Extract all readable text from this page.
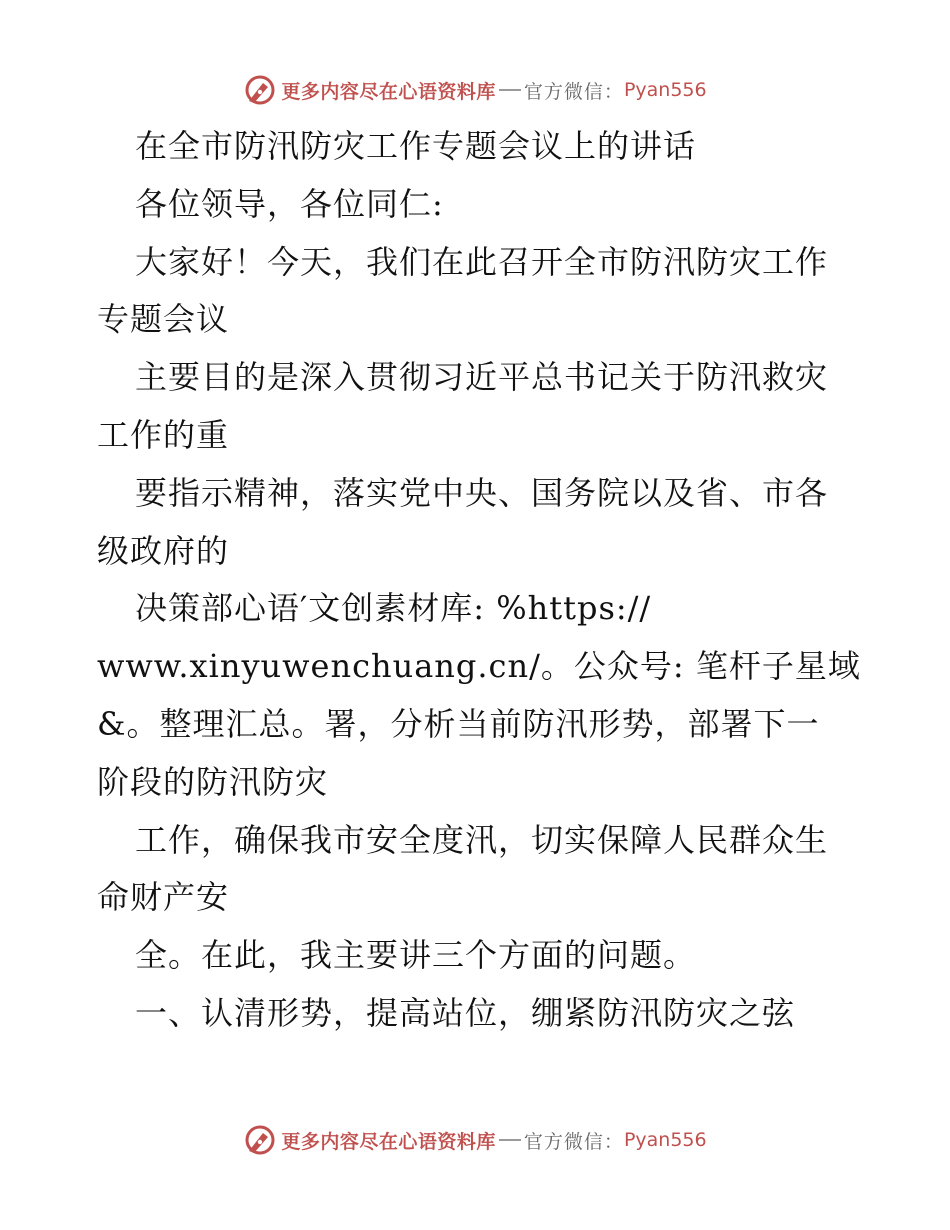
更多内容尽在心语资料库 官方微信： Pyan556
在全市防汛防灾工作专题会议上的讲话
各位领导，各位同仁:
大家好！今天，我们在此召开全市防汛防灾工作
专题会议
主要目的是深入贯彻习近平总书记关于防汛救灾
工作的重
要指示精神，落实党中央、国务院以及省、市各
级政府的
决策部心语′文创素材库: %https://
www.xinyuwenchuang.cn/。公众号: 笔杆子星域
&。整理汇总。署，分析当前防汛形势，部署下一
阶段的防汛防灾
工作，确保我市安全度汛，切实保障人民群众生
命财产安
全。在此，我主要讲三个方面的问题。
一、认清形势，提高站位，绷紧防汛防灾之弦
更多内容尽在心语资料库 官方微信： Pyan556
